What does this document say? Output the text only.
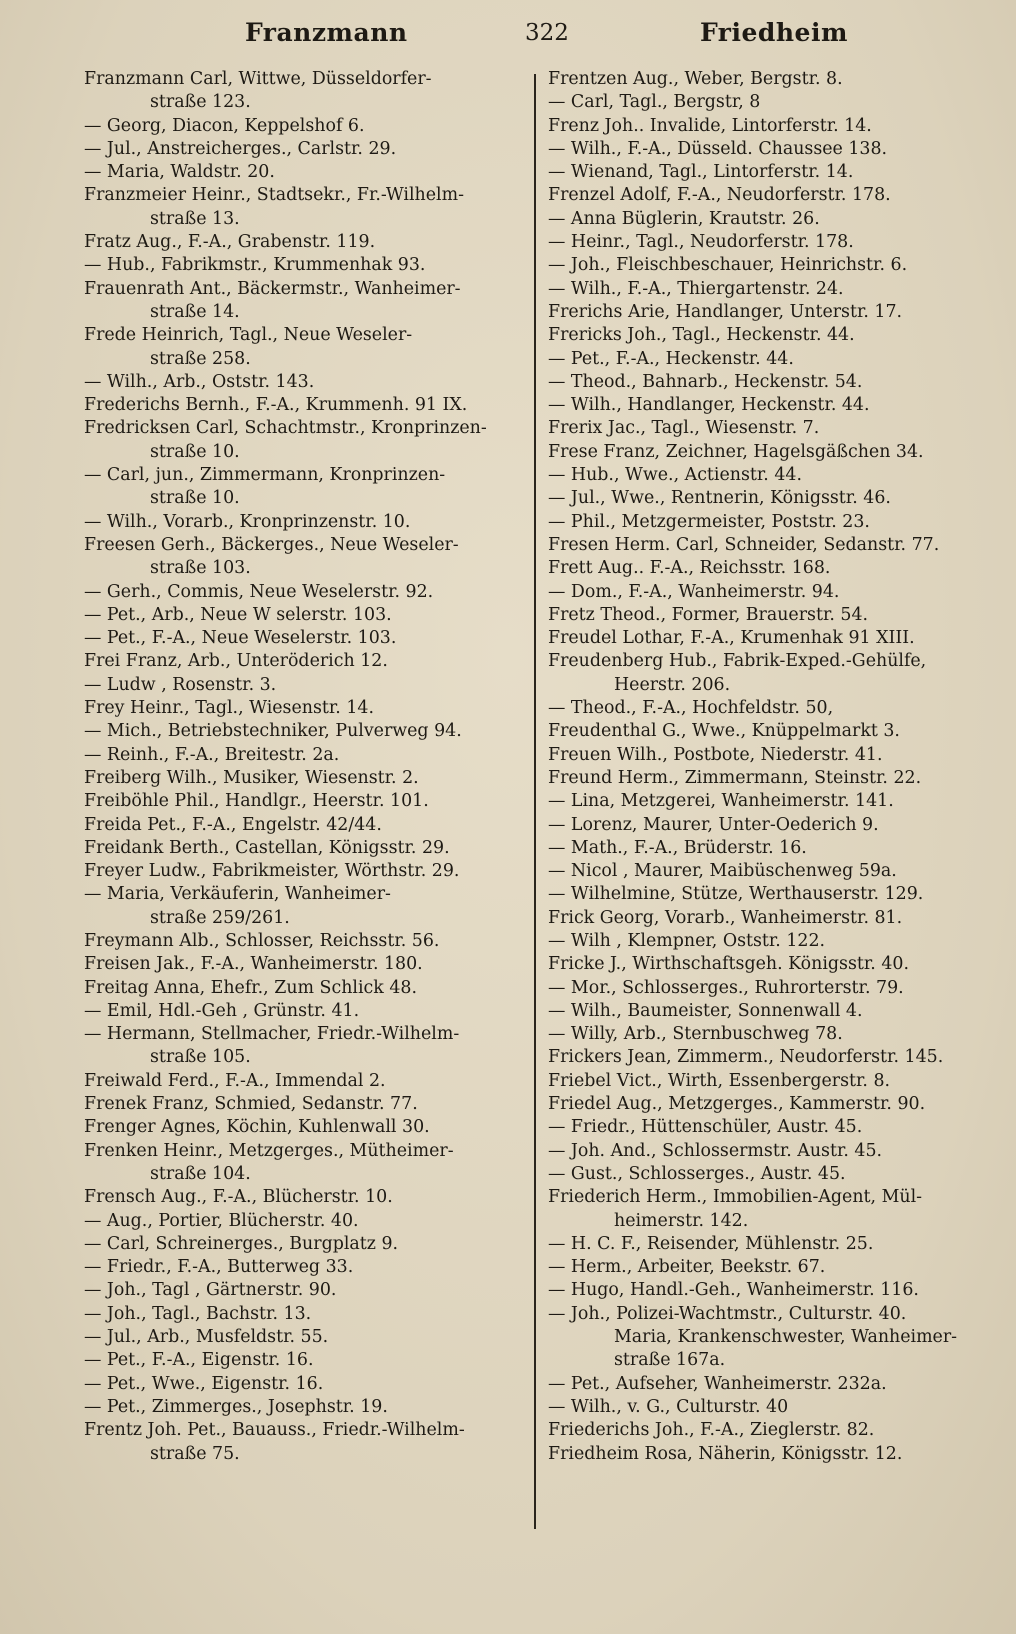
Franzmann	322	Friedheim
Franzmann Carl, Wittwe, Düsseldorfer-
straße 123.
— Georg, Diacon, Keppelshof 6.
— Jul., Anstreicherges., Carlstr. 29.
— Maria, Waldstr. 20.
Franzmeier Heinr., Stadtsekr., Fr.-Wilhelm-
straße 13.
Fratz Aug., F.-A., Grabenstr. 119.
— Hub., Fabrikmstr., Krummenhak 93.
Frauenrath Ant., Bäckermstr., Wanheimer-
straße 14.
Frede Heinrich, Tagl., Neue Weseler-
straße 258.
— Wilh., Arb., Oststr. 143.
Frederichs Bernh., F.-A., Krummenh. 91 IX.
Fredricksen Carl, Schachtmstr., Kronprinzen-
straße 10.
— Carl, jun., Zimmermann, Kronprinzen-
straße 10.
— Wilh., Vorarb., Kronprinzenstr. 10.
Freesen Gerh., Bäckerges., Neue Weseler-
straße 103.
— Gerh., Commis, Neue Weselerstr. 92.
— Pet., Arb., Neue W selerstr. 103.
— Pet., F.-A., Neue Weselerstr. 103.
Frei Franz, Arb., Unteröderich 12.
— Ludw , Rosenstr. 3.
Frey Heinr., Tagl., Wiesenstr. 14.
— Mich., Betriebstechniker, Pulverweg 94.
— Reinh., F.-A., Breitestr. 2a.
Freiberg Wilh., Musiker, Wiesenstr. 2.
Freiböhle Phil., Handlgr., Heerstr. 101.
Freida Pet., F.-A., Engelstr. 42/44.
Freidank Berth., Castellan, Königsstr. 29.
Freyer Ludw., Fabrikmeister, Wörthstr. 29.
— Maria, Verkäuferin, Wanheimer-
straße 259/261.
Freymann Alb., Schlosser, Reichsstr. 56.
Freisen Jak., F.-A., Wanheimerstr. 180.
Freitag Anna, Ehefr., Zum Schlick 48.
— Emil, Hdl.-Geh , Grünstr. 41.
— Hermann, Stellmacher, Friedr.-Wilhelm-
straße 105.
Freiwald Ferd., F.-A., Immendal 2.
Frenek Franz, Schmied, Sedanstr. 77.
Frenger Agnes, Köchin, Kuhlenwall 30.
Frenken Heinr., Metzgerges., Mütheimer-
straße 104.
Frensch Aug., F.-A., Blücherstr. 10.
— Aug., Portier, Blücherstr. 40.
— Carl, Schreinerges., Burgplatz 9.
— Friedr., F.-A., Butterweg 33.
— Joh., Tagl , Gärtnerstr. 90.
— Joh., Tagl., Bachstr. 13.
— Jul., Arb., Musfeldstr. 55.
— Pet., F.-A., Eigenstr. 16.
— Pet., Wwe., Eigenstr. 16.
— Pet., Zimmerges., Josephstr. 19.
Frentz Joh. Pet., Bauauss., Friedr.-Wilhelm-
straße 75.
Frentzen Aug., Weber, Bergstr. 8.
— Carl, Tagl., Bergstr, 8
Frenz Joh.. Invalide, Lintorferstr. 14.
— Wilh., F.-A., Düsseld. Chaussee 138.
— Wienand, Tagl., Lintorferstr. 14.
Frenzel Adolf, F.-A., Neudorferstr. 178.
— Anna Büglerin, Krautstr. 26.
— Heinr., Tagl., Neudorferstr. 178.
— Joh., Fleischbeschauer, Heinrichstr. 6.
— Wilh., F.-A., Thiergartenstr. 24.
Frerichs Arie, Handlanger, Unterstr. 17.
Frericks Joh., Tagl., Heckenstr. 44.
— Pet., F.-A., Heckenstr. 44.
— Theod., Bahnarb., Heckenstr. 54.
— Wilh., Handlanger, Heckenstr. 44.
Frerix Jac., Tagl., Wiesenstr. 7.
Frese Franz, Zeichner, Hagelsgäßchen 34.
— Hub., Wwe., Actienstr. 44.
— Jul., Wwe., Rentnerin, Königsstr. 46.
— Phil., Metzgermeister, Poststr. 23.
Fresen Herm. Carl, Schneider, Sedanstr. 77.
Frett Aug.. F.-A., Reichsstr. 168.
— Dom., F.-A., Wanheimerstr. 94.
Fretz Theod., Former, Brauerstr. 54.
Freudel Lothar, F.-A., Krumenhak 91 XIII.
Freudenberg Hub., Fabrik-Exped.-Gehülfe,
Heerstr. 206.
— Theod., F.-A., Hochfeldstr. 50,
Freudenthal G., Wwe., Knüppelmarkt 3.
Freuen Wilh., Postbote, Niederstr. 41.
Freund Herm., Zimmermann, Steinstr. 22.
— Lina, Metzgerei, Wanheimerstr. 141.
— Lorenz, Maurer, Unter-Oederich 9.
— Math., F.-A., Brüderstr. 16.
— Nicol , Maurer, Maibüschenweg 59a.
— Wilhelmine, Stütze, Werthauserstr. 129.
Frick Georg, Vorarb., Wanheimerstr. 81.
— Wilh , Klempner, Oststr. 122.
Fricke J., Wirthschaftsgeh. Königsstr. 40.
— Mor., Schlosserges., Ruhrorterstr. 79.
— Wilh., Baumeister, Sonnenwall 4.
— Willy, Arb., Sternbuschweg 78.
Frickers Jean, Zimmerm., Neudorferstr. 145.
Friebel Vict., Wirth, Essenbergerstr. 8.
Friedel Aug., Metzgerges., Kammerstr. 90.
— Friedr., Hüttenschüler, Austr. 45.
— Joh. And., Schlossermstr. Austr. 45.
— Gust., Schlosserges., Austr. 45.
Friederich Herm., Immobilien-Agent, Mül-
heimerstr. 142.
— H. C. F., Reisender, Mühlenstr. 25.
— Herm., Arbeiter, Beekstr. 67.
— Hugo, Handl.-Geh., Wanheimerstr. 116.
— Joh., Polizei-Wachtmstr., Culturstr. 40.
Maria, Krankenschwester, Wanheimer-
straße 167a.
— Pet., Aufseher, Wanheimerstr. 232a.
— Wilh., v. G., Culturstr. 40
Friederichs Joh., F.-A., Zieglerstr. 82.
Friedheim Rosa, Näherin, Königsstr. 12.
